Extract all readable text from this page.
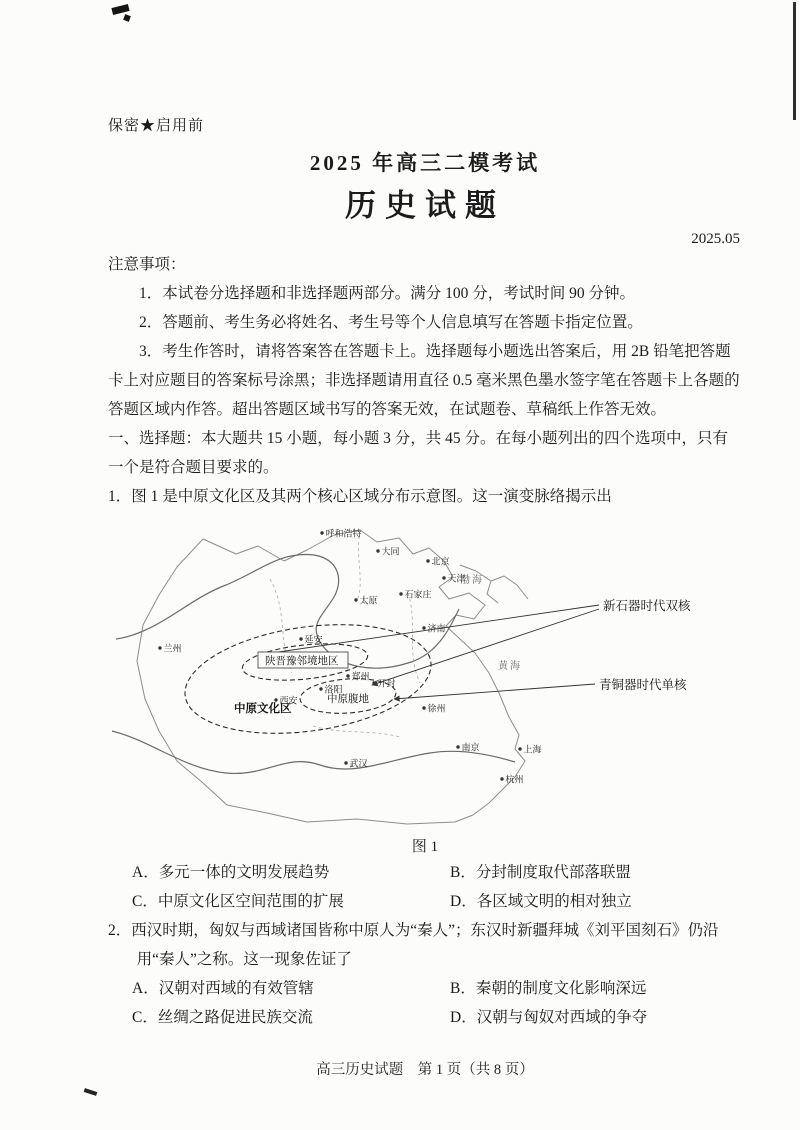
保密★启用前
2025 年高三二模考试
历史试题
2025.05

注意事项：

1．本试卷分选择题和非选择题两部分。满分 100 分，考试时间 90 分钟。

2．答题前、考生务必将姓名、考生号等个人信息填写在答题卡指定位置。

3．考生作答时，请将答案答在答题卡上。选择题每小题选出答案后，用 2B 铅笔把答题卡上对应题目的答案标号涂黑；非选择题请用直径 0.5 毫米黑色墨水签字笔在答题卡上各题的答题区域内作答。超出答题区域书写的答案无效，在试题卷、草稿纸上作答无效。

一、选择题：本大题共 15 小题，每小题 3 分，共 45 分。在每小题列出的四个选项中，只有一个是符合题目要求的。

1．图 1 是中原文化区及其两个核心区域分布示意图。这一演变脉络揭示出

陕晋豫邻境地区
中原文化区
中原腹地
新石器时代双核
青铜器时代单核
呼和浩特
大同
北京
天津
石家庄
太原
济南
延安
兰州
西安
洛阳
郑州
开封
徐州
南京	上海
杭州
武汉
渤海
黄海
图 1
A．多元一体的文明发展趋势	B．分封制度取代部落联盟
C．中原文化区空间范围的扩展	D．各区域文明的相对独立

2．西汉时期，匈奴与西域诸国皆称中原人为“秦人”；东汉时新疆拜城《刘平国刻石》仍沿用“秦人”之称。这一现象佐证了

A．汉朝对西域的有效管辖	B．秦朝的制度文化影响深远
C．丝绸之路促进民族交流	D．汉朝与匈奴对西域的争夺
高三历史试题　第 1 页（共 8 页）
